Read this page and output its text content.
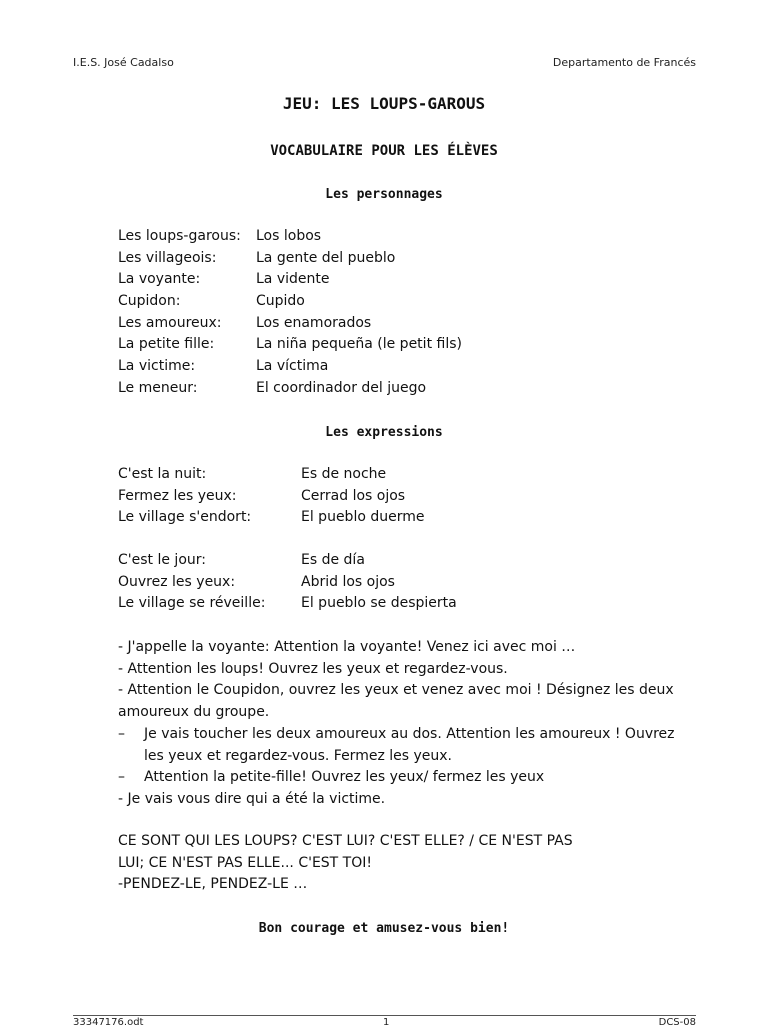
I.E.S. José Cadalso	Departamento de Francés
JEU: LES LOUPS-GAROUS
VOCABULAIRE POUR LES ÉLÈVES
Les personnages
Les loups-garous: Los lobos
Les villageois:	La gente del pueblo
La voyante:	La vidente
Cupidon:	Cupido
Les amoureux: Los enamorados
La petite fille:	La niña pequeña (le petit fils)
La victime:	La víctima
Le meneur:	El coordinador del juego
Les expressions
C'est la nuit:	Es de noche
Fermez les yeux:	Cerrad los ojos
Le village s'endort:	El pueblo duerme
C'est le jour:	Es de día
Ouvrez les yeux:	Abrid los ojos
Le village se réveille:	El pueblo se despierta

- J'appelle la voyante: Attention la voyante! Venez ici avec moi …

- Attention les loups! Ouvrez les yeux et regardez-vous.

- Attention le Coupidon, ouvrez les yeux et venez avec moi ! Désignez les deux amoureux du groupe.

– Je vais toucher les deux amoureux au dos. Attention les amoureux ! Ouvrez les yeux et regardez-vous. Fermez les yeux.

– Attention la petite-fille! Ouvrez les yeux/ fermez les yeux

- Je vais vous dire qui a été la victime.

CE SONT QUI LES LOUPS? C'EST LUI? C'EST ELLE? / CE N'EST PAS
LUI; CE N'EST PAS ELLE... C'EST TOI!
-PENDEZ-LE, PENDEZ-LE …
Bon courage et amusez-vous bien!
33347176.odt	1	DCS-08
